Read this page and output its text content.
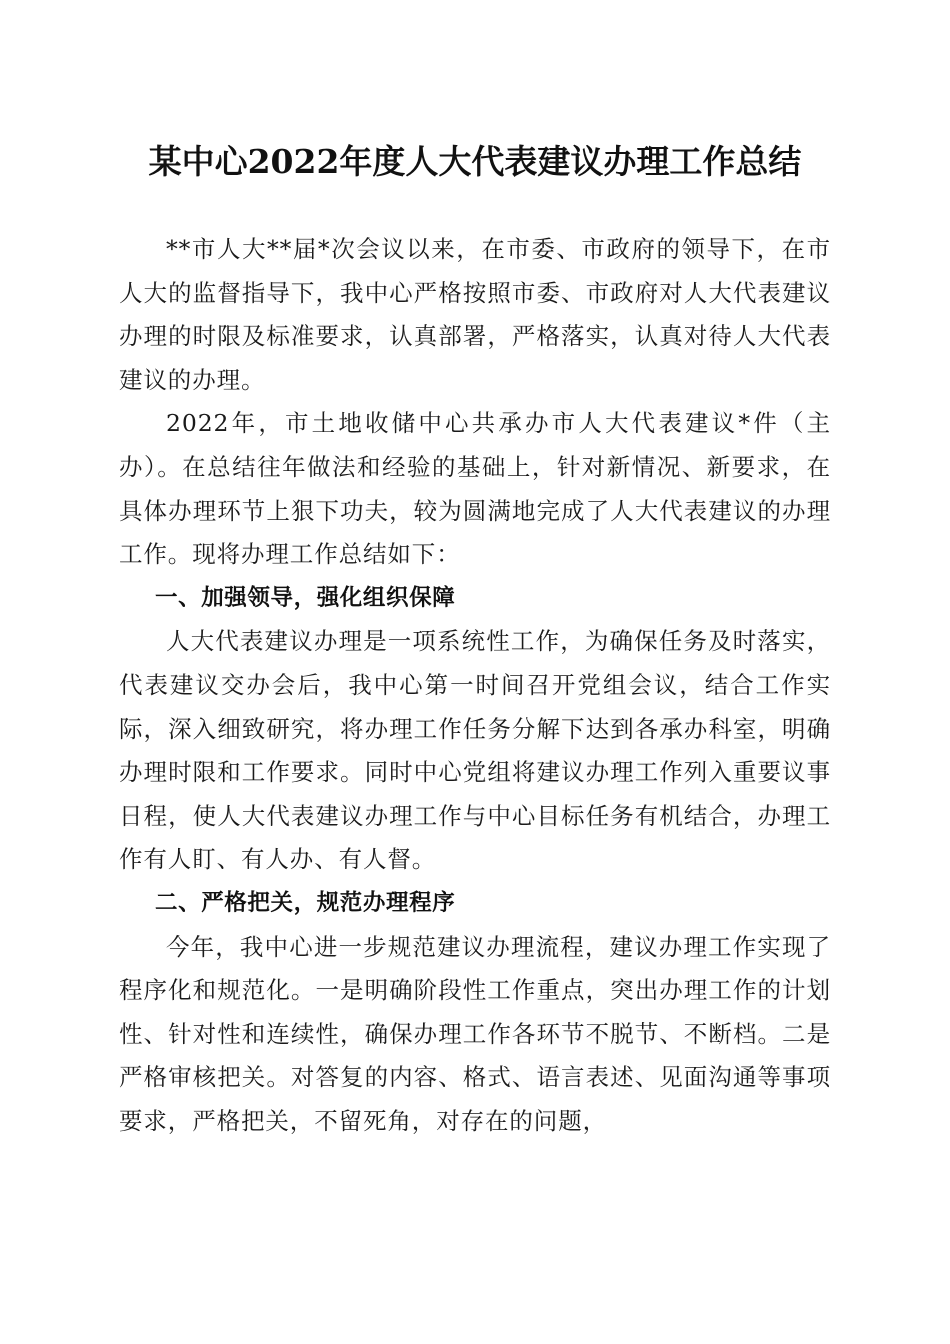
某中心2022年度人大代表建议办理工作总结

**市人大**届*次会议以来，在市委、市政府的领导下，在市人大的监督指导下，我中心严格按照市委、市政府对人大代表建议办理的时限及标准要求，认真部署，严格落实，认真对待人大代表建议的办理。

2022年，市土地收储中心共承办市人大代表建议*件（主办）。在总结往年做法和经验的基础上，针对新情况、新要求，在具体办理环节上狠下功夫，较为圆满地完成了人大代表建议的办理工作。现将办理工作总结如下：

一、加强领导，强化组织保障

人大代表建议办理是一项系统性工作，为确保任务及时落实，代表建议交办会后，我中心第一时间召开党组会议，结合工作实际，深入细致研究，将办理工作任务分解下达到各承办科室，明确办理时限和工作要求。同时中心党组将建议办理工作列入重要议事日程，使人大代表建议办理工作与中心目标任务有机结合，办理工作有人盯、有人办、有人督。

二、严格把关，规范办理程序

今年，我中心进一步规范建议办理流程，建议办理工作实现了程序化和规范化。一是明确阶段性工作重点，突出办理工作的计划性、针对性和连续性，确保办理工作各环节不脱节、不断档。二是严格审核把关。对答复的内容、格式、语言表述、见面沟通等事项要求，严格把关，不留死角，对存在的问题，
